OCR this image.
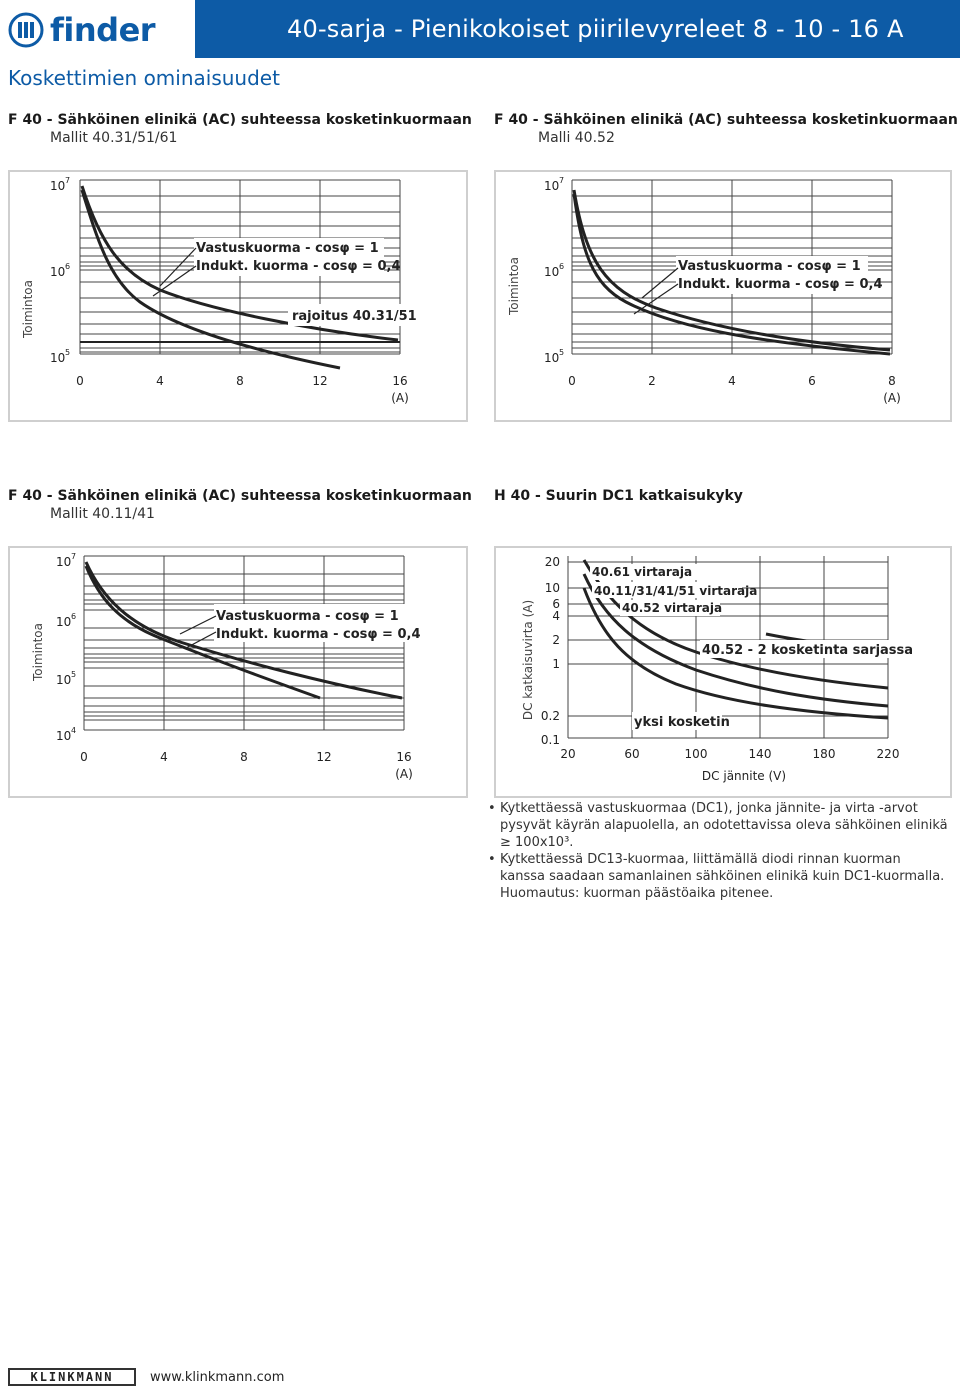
finder	40-sarja - Pienikokoiset piirilevyreleet 8 - 10 - 16 A
Koskettimien ominaisuudet
F 40 - Sähköinen elinikä (AC) suhteessa kosketinkuormaan
Mallit 40.31/51/61
Toimintoa
10 7
10 6
10 5
Vastuskuorma - cosφ = 1
Indukt. kuorma - cosφ = 0,4
rajoitus 40.31/51
0	4	8	12	16
(A)
F 40 - Sähköinen elinikä (AC) suhteessa kosketinkuormaan
Malli 40.52
Toimintoa
10 7
10 6
10 5
Vastuskuorma - cosφ = 1
Indukt. kuorma - cosφ = 0,4
0	2	4	6	8
(A)
F 40 - Sähköinen elinikä (AC) suhteessa kosketinkuormaan
Mallit 40.11/41
Toimintoa
10 7
10 6
10 5
10 4
Vastuskuorma - cosφ = 1
Indukt. kuorma - cosφ = 0,4
0	4	8	12	16
(A)
H 40 - Suurin DC1 katkaisukyky
DC katkaisuvirta (A)
20
10
6
4
2
1
0.2
0.1
40.61 virtaraja
40.11/31/41/51 virtaraja
40.52 virtaraja
40.52 - 2 kosketinta sarjassa
yksi kosketin
20	60	100	140	180	220
DC jännite (V)
• Kytkettäessä vastuskuormaa (DC1), jonka jännite- ja virta -arvot pysyvät käyrän alapuolella, an odotettavissa oleva sähköinen elinikä ≥ 100x10³.
• Kytkettäessä DC13-kuormaa, liittämällä diodi rinnan kuorman kanssa saadaan samanlainen sähköinen elinikä kuin DC1-kuormalla.
Huomautus: kuorman päästöaika pitenee.
KLINKMANN	www.klinkmann.com
